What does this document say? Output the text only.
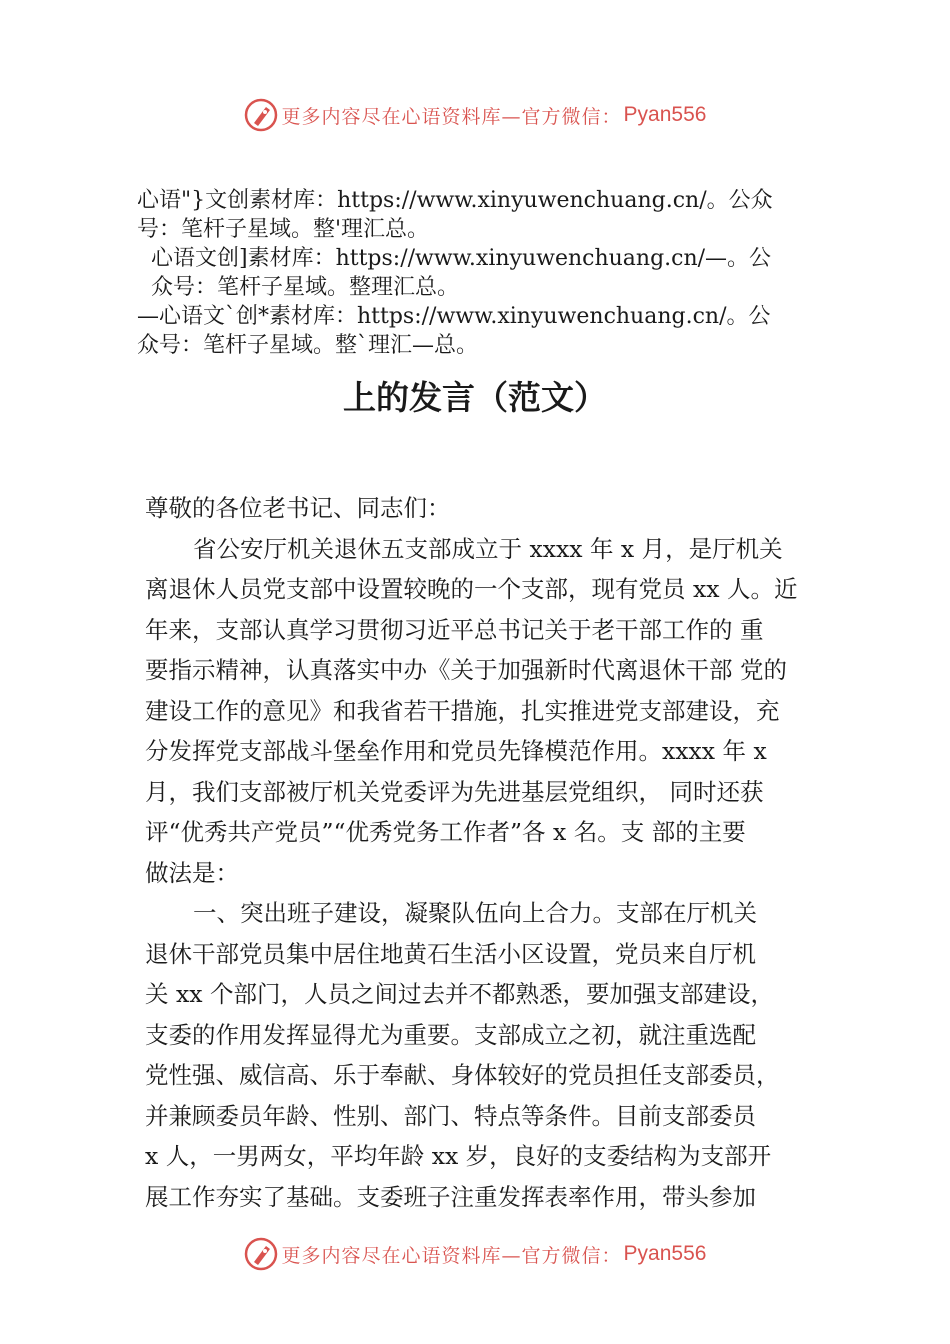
更多内容尽在心语资料库—官方微信： Pyan556

心语"}文创素材库：https://www.xinyuwenchuang.cn/。公众

号：笔杆子星域。整'理汇总。

心语文创]素材库：https://www.xinyuwenchuang.cn/—。公

众号：笔杆子星域。整理汇总。

—心语文`创*素材库：https://www.xinyuwenchuang.cn/。公

众号：笔杆子星域。整`理汇—总。

上的发言（范文）

尊敬的各位老书记、同志们：

省公安厅机关退休五支部成立于 xxxx 年 x 月，是厅机关

离退休人员党支部中设置较晚的一个支部，现有党员 xx 人。近

年来，支部认真学习贯彻习近平总书记关于老干部工作的 重

要指示精神，认真落实中办《关于加强新时代离退休干部 党的

建设工作的意见》和我省若干措施，扎实推进党支部建设，充

分发挥党支部战斗堡垒作用和党员先锋模范作用。xxxx 年 x

月，我们支部被厅机关党委评为先进基层党组织， 同时还获

评“优秀共产党员”“优秀党务工作者”各 x 名。支 部的主要

做法是：

一、突出班子建设，凝聚队伍向上合力。支部在厅机关

退休干部党员集中居住地黄石生活小区设置，党员来自厅机

关 xx 个部门，人员之间过去并不都熟悉，要加强支部建设，

支委的作用发挥显得尤为重要。支部成立之初，就注重选配

党性强、威信高、乐于奉献、身体较好的党员担任支部委员，

并兼顾委员年龄、性别、部门、特点等条件。目前支部委员

x 人，一男两女，平均年龄 xx 岁，良好的支委结构为支部开

展工作夯实了基础。支委班子注重发挥表率作用，带头参加

更多内容尽在心语资料库—官方微信： Pyan556
